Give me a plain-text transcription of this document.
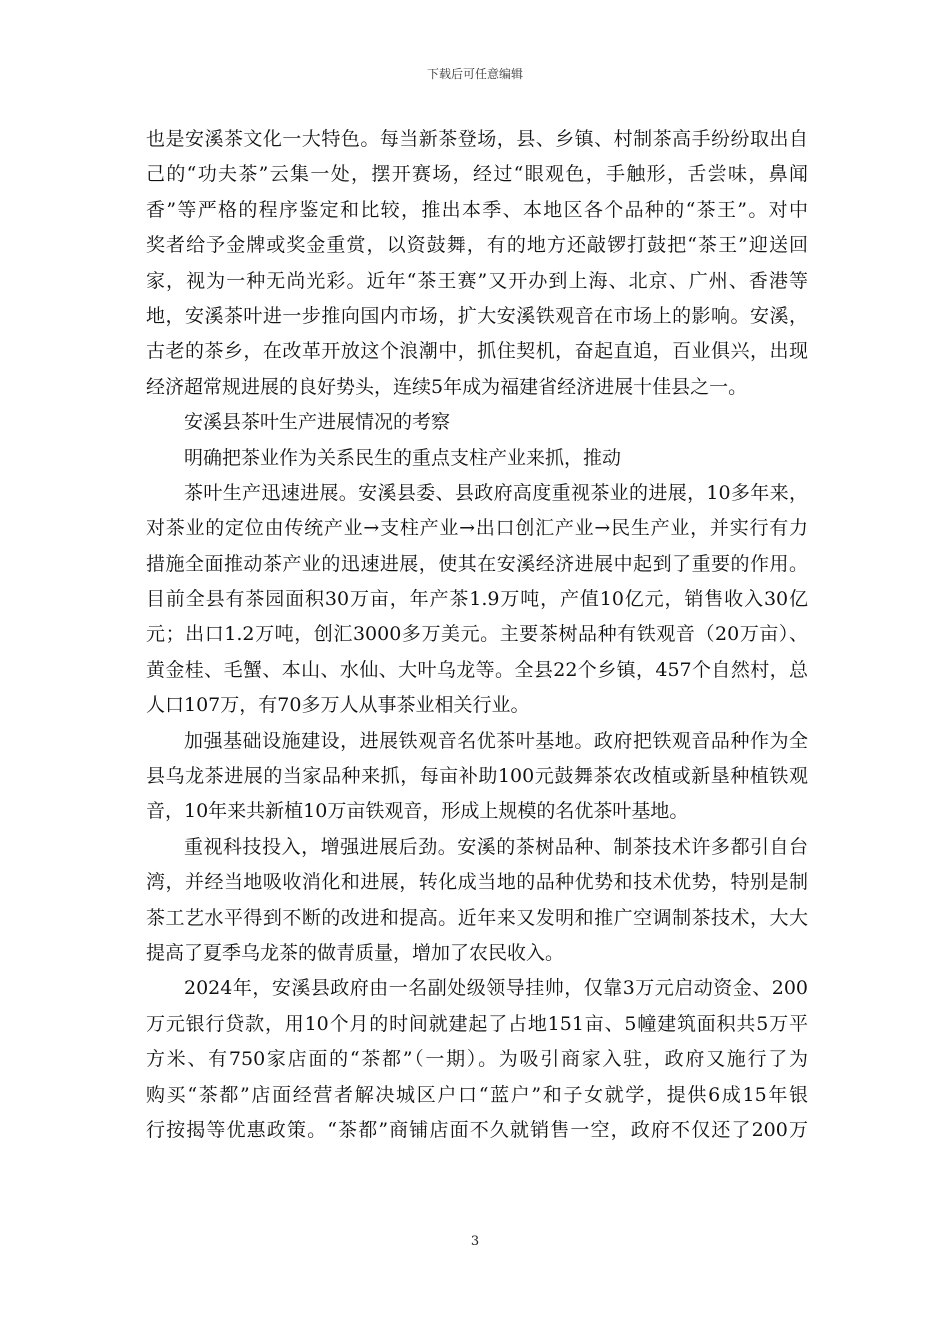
下载后可任意编辑
也是安溪茶文化一大特色。每当新茶登场，县、乡镇、村制茶高手纷纷取出自
己的“功夫茶”云集一处，摆开赛场，经过“眼观色，手触形，舌尝味，鼻闻
香”等严格的程序鉴定和比较，推出本季、本地区各个品种的“茶王”。对中
奖者给予金牌或奖金重赏，以资鼓舞，有的地方还敲锣打鼓把“茶王”迎送回
家，视为一种无尚光彩。近年“茶王赛”又开办到上海、北京、广州、香港等
地，安溪茶叶进一步推向国内市场，扩大安溪铁观音在市场上的影响。安溪，
古老的茶乡，在改革开放这个浪潮中，抓住契机，奋起直追，百业俱兴，出现
经济超常规进展的良好势头，连续5年成为福建省经济进展十佳县之一。
安溪县茶叶生产进展情况的考察
明确把茶业作为关系民生的重点支柱产业来抓，推动
茶叶生产迅速进展。安溪县委、县政府高度重视茶业的进展，10多年来，
对茶业的定位由传统产业→支柱产业→出口创汇产业→民生产业，并实行有力
措施全面推动茶产业的迅速进展，使其在安溪经济进展中起到了重要的作用。
目前全县有茶园面积30万亩，年产茶1.9万吨，产值10亿元，销售收入30亿
元；出口1.2万吨，创汇3000多万美元。主要茶树品种有铁观音（20万亩）、
黄金桂、毛蟹、本山、水仙、大叶乌龙等。全县22个乡镇，457个自然村，总
人口107万，有70多万人从事茶业相关行业。
加强基础设施建设，进展铁观音名优茶叶基地。政府把铁观音品种作为全
县乌龙茶进展的当家品种来抓，每亩补助100元鼓舞茶农改植或新垦种植铁观
音，10年来共新植10万亩铁观音，形成上规模的名优茶叶基地。
重视科技投入，增强进展后劲。安溪的茶树品种、制茶技术许多都引自台
湾，并经当地吸收消化和进展，转化成当地的品种优势和技术优势，特别是制
茶工艺水平得到不断的改进和提高。近年来又发明和推广空调制茶技术，大大
提高了夏季乌龙茶的做青质量，增加了农民收入。
2024年，安溪县政府由一名副处级领导挂帅，仅靠3万元启动资金、200
万元银行贷款，用10个月的时间就建起了占地151亩、5幢建筑面积共5万平
方米、有750家店面的“茶都”（一期）。为吸引商家入驻，政府又施行了为
购买“茶都”店面经营者解决城区户口“蓝户”和子女就学，提供6成15年银
行按揭等优惠政策。“茶都”商铺店面不久就销售一空，政府不仅还了200万
3
